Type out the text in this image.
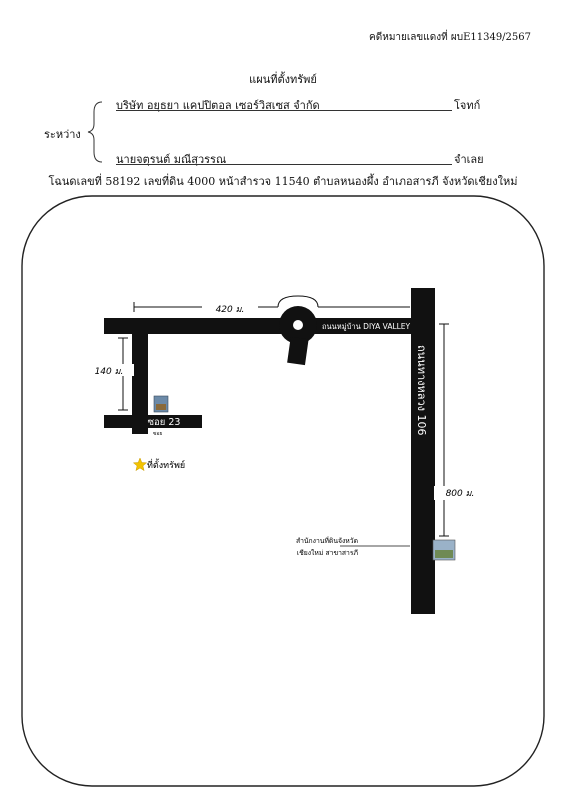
คดีหมายเลขแดงที่ ผบE11349/2567
แผนที่ตั้งทรัพย์
ระหว่าง
บริษัท อยุธยา แคปปิตอล เซอร์วิสเซส จำกัด	โจทก์
นายจตุรนต์ มณีสุวรรณ	จำเลย
โฉนดเลขที่ 58192 เลขที่ดิน 4000 หน้าสำรวจ 11540 ตำบลหนองผึ้ง อำเภอสารภี จังหวัดเชียงใหม่
420 ม.
140 ม.
800 ม.
ถนนหมู่บ้าน DIYA VALLEY
ถนนทางหลวง 106
ซอย 23
ซอย
ที่ตั้งทรัพย์
สำนักงานที่ดินจังหวัด
เชียงใหม่ สาขาสารภี
